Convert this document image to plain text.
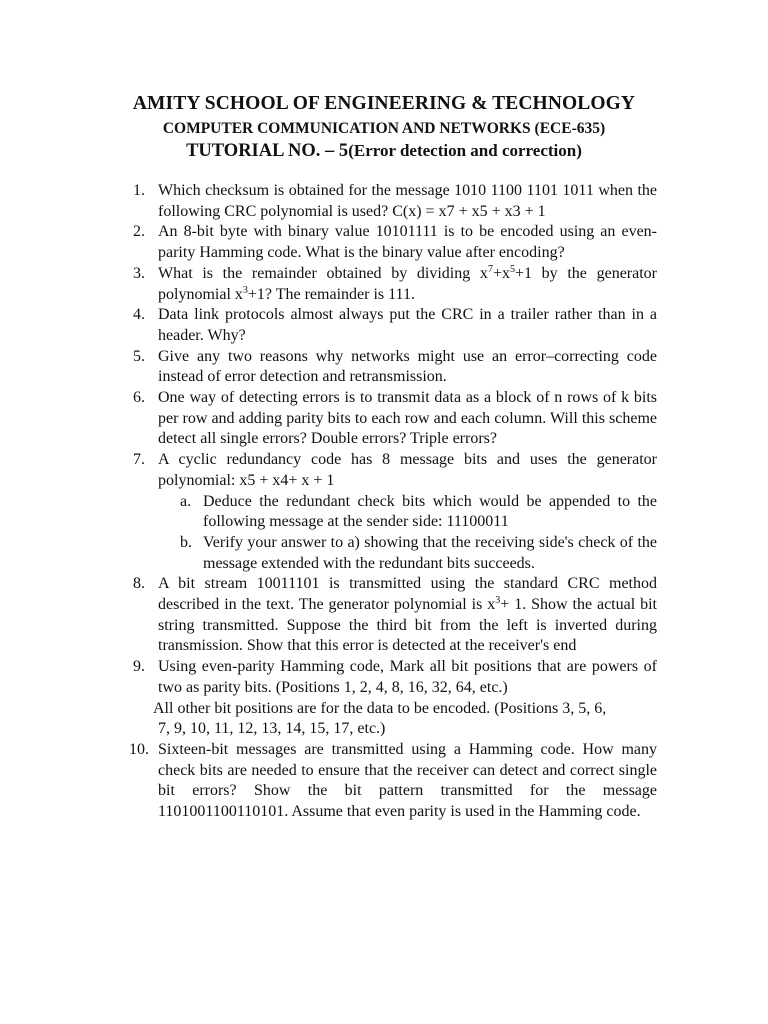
AMITY SCHOOL OF ENGINEERING & TECHNOLOGY
COMPUTER COMMUNICATION AND NETWORKS (ECE-635)
TUTORIAL NO. – 5(Error detection and correction)
1. Which checksum is obtained for the message 1010 1100 1101 1011 when the following CRC polynomial is used? C(x) = x7 + x5 + x3 + 1
2. An 8-bit byte with binary value 10101111 is to be encoded using an even-parity Hamming code. What is the binary value after encoding?
3. What is the remainder obtained by dividing $x^7+x^5+1$ by the generator polynomial $x^3+1$? The remainder is 111.
4. Data link protocols almost always put the CRC in a trailer rather than in a header. Why?
5. Give any two reasons why networks might use an error–correcting code instead of error detection and retransmission.
6. One way of detecting errors is to transmit data as a block of n rows of k bits per row and adding parity bits to each row and each column. Will this scheme detect all single errors? Double errors? Triple errors?
7. A cyclic redundancy code has 8 message bits and uses the generator polynomial: x5 + x4+ x + 1
a. Deduce the redundant check bits which would be appended to the following message at the sender side: 11100011
b. Verify your answer to a) showing that the receiving side's check of the message extended with the redundant bits succeeds.
8. A bit stream 10011101 is transmitted using the standard CRC method described in the text. The generator polynomial is $x^3+ 1$. Show the actual bit string transmitted. Suppose the third bit from the left is inverted during transmission. Show that this error is detected at the receiver's end
9. Using even-parity Hamming code, Mark all bit positions that are powers of two as parity bits. (Positions 1, 2, 4, 8, 16, 32, 64, etc.)
All other bit positions are for the data to be encoded. (Positions 3, 5, 6,
7, 9, 10, 11, 12, 13, 14, 15, 17, etc.)
10. Sixteen-bit messages are transmitted using a Hamming code. How many check bits are needed to ensure that the receiver can detect and correct single bit errors? Show the bit pattern transmitted for the message 1101001100110101. Assume that even parity is used in the Hamming code.
